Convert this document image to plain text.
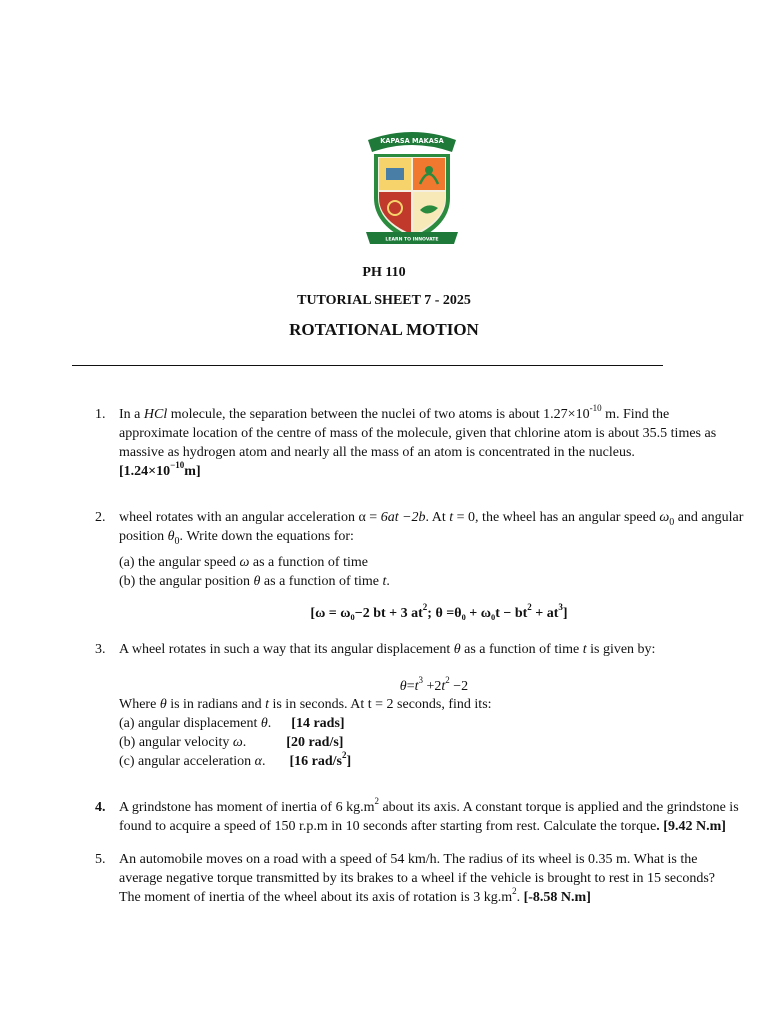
KAPASA MAKASA
UNIVERSITY
LEARN TO INNOVATE
PH 110
TUTORIAL SHEET 7 - 2025
ROTATIONAL MOTION
1. In a HCl molecule, the separation between the nuclei of two atoms is about $1.27\times 10^{-10}$ m. Find the
approximate location of the centre of mass of the molecule, given that chlorine atom is about 35.5 times as
massive as hydrogen atom and nearly all the mass of an atom is concentrated in the nucleus.
$[1.24\times 10^{-10}m]$
2. wheel rotates with an angular acceleration α = 6at −2b. At t = 0, the wheel has an angular speed $\omega_0$ and angular
position $\theta_0$. Write down the equations for:
(a) the angular speed ω as a function of time
(b) the angular position θ as a function of time t.
[ω = ω₀−2 bt + 3 $at^2$; $\theta =\theta_0 + \omega_0t - bt^2 + at^3$]
3. A wheel rotates in such a way that its angular displacement θ as a function of time t is given by:
$\theta=t^3 +2t^2 -2$
Where θ is in radians and t is in seconds. At t = 2 seconds, find its:
(a) angular displacement θ. [14 rads]
(b) angular velocity ω.	[20 rad/s]
(c) angular acceleration α. [16 rad/$s^2$]
4. A grindstone has moment of inertia of 6 $kg.m^2$ about its axis. A constant torque is applied and the grindstone is
found to acquire a speed of 150 r.p.m in 10 seconds after starting from rest. Calculate the torque. [9.42 N.m]
5. An automobile moves on a road with a speed of 54 km/h. The radius of its wheel is 0.35 m. What is the
average negative torque transmitted by its brakes to a wheel if the vehicle is brought to rest in 15 seconds?
The moment of inertia of the wheel about its axis of rotation is 3 $kg.m^2$. [-8.58 N.m]
